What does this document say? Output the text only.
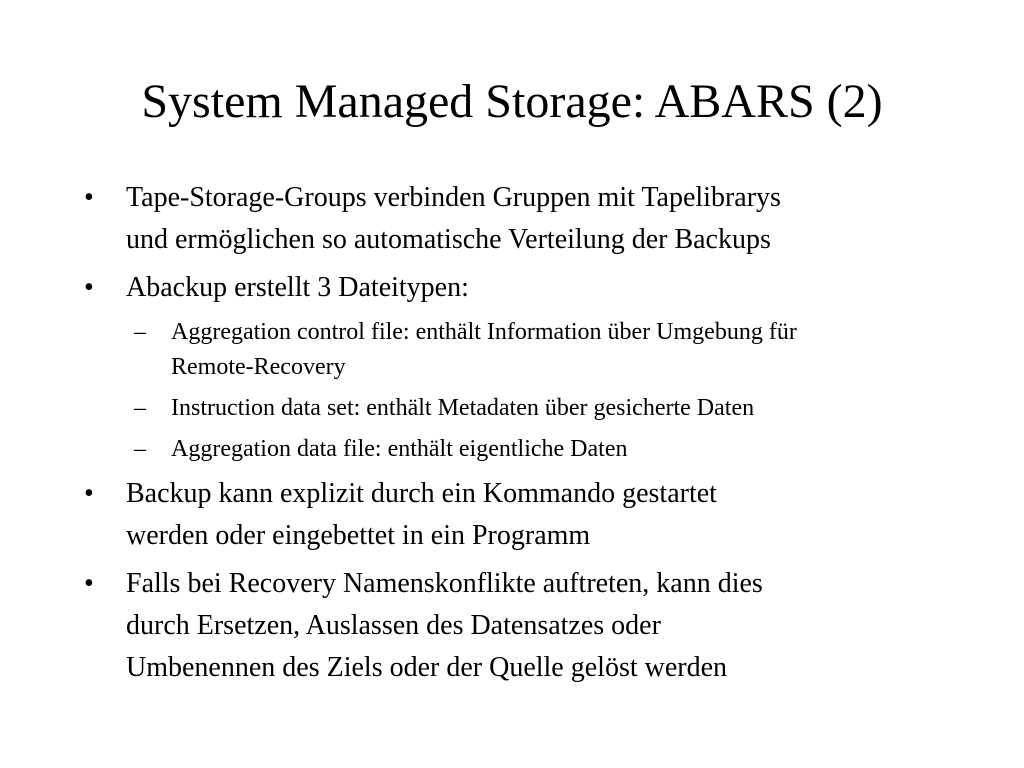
System Managed Storage: ABARS (2)
•	Tape-Storage-Groups verbinden Gruppen mit Tapelibrarys
und ermöglichen so automatische Verteilung der Backups
•	Abackup erstellt 3 Dateitypen:
– Aggregation control file: enthält Information über Umgebung für
Remote-Recovery
– Instruction data set: enthält Metadaten über gesicherte Daten
– Aggregation data file: enthält eigentliche Daten
•	Backup kann explizit durch ein Kommando gestartet
werden oder eingebettet in ein Programm
•	Falls bei Recovery Namenskonflikte auftreten, kann dies
durch Ersetzen, Auslassen des Datensatzes oder
Umbenennen des Ziels oder der Quelle gelöst werden
